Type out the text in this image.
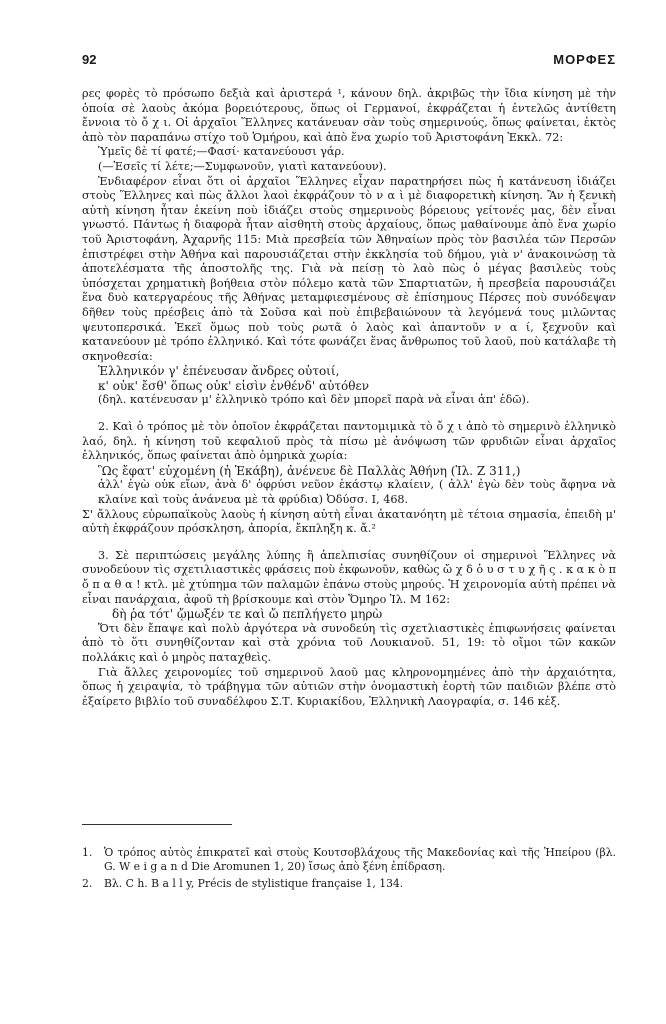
92	ΜΟΡΦΕΣ

ρες φορὲς τὸ πρόσωπο δεξιὰ καὶ ἀριστερά ¹, κάνουν δηλ. ἀκριβῶς τὴν ἴδια κίνηση μὲ τὴν ὁποία σὲ λαοὺς ἀκόμα βορειότερους, ὅπως οἱ Γερμανοί, ἐκφράζεται ἡ ἐντελῶς ἀντίθετη ἔννοια τὸ ὄ χ ι. Οἱ ἀρχαῖοι Ἕλληνες κατάνευαν σὰν τοὺς σημερινούς, ὅπως φαίνεται, ἐκτὸς ἀπὸ τὸν παραπάνω στίχο τοῦ Ὁμήρου, καὶ ἀπὸ ἕνα χωρίο τοῦ Ἀριστοφάνη Ἐκκλ. 72:

Ὑμεῖς δὲ τί φατέ;—Φασί· κατανεύουσι γάρ.

(—Ἐσεῖς τί λέτε;—Συμφωνοῦν, γιατὶ κατανεύουν).

Ἐνδιαφέρον εἶναι ὅτι οἱ ἀρχαῖοι Ἕλληνες εἶχαν παρατηρήσει πὼς ἡ κατάνευση ἰδιάζει στοὺς Ἕλληνες καὶ πὼς ἄλλοι λαοὶ ἐκφράζουν τὸ ν α ὶ μὲ διαφορετικὴ κίνηση. Ἂν ἡ ξενικὴ αὐτὴ κίνηση ἦταν ἐκείνη ποὺ ἰδιάζει στοὺς σημερινοὺς βόρειους γείτονές μας, δὲν εἶναι γνωστό. Πάντως ἡ διαφορὰ ἦταν αἰσθητὴ στοὺς ἀρχαίους, ὅπως μαθαίνουμε ἀπὸ ἕνα χωρίο τοῦ Ἀριστοφάνη, Ἀχαρνῆς 115: Μιὰ πρεσβεία τῶν Ἀθηναίων πρὸς τὸν βασιλέα τῶν Περσῶν ἐπιστρέφει στὴν Ἀθήνα καὶ παρουσιάζεται στὴν ἐκκλησία τοῦ δήμου, γιὰ ν' ἀνακοινώσῃ τὰ ἀποτελέσματα τῆς ἀποστολῆς της. Γιὰ νὰ πείσῃ τὸ λαὸ πὼς ὁ μέγας βασιλεὺς τοὺς ὑπόσχεται χρηματικὴ βοήθεια στὸν πόλεμο κατὰ τῶν Σπαρτιατῶν, ἡ πρεσβεία παρουσιάζει ἕνα δυὸ κατεργαρέους τῆς Ἀθήνας μεταμφιεσμένους σὲ ἐπίσημους Πέρσες ποὺ συνόδεψαν δῆθεν τοὺς πρέσβεις ἀπὸ τὰ Σοῦσα καὶ ποὺ ἐπιβεβαιώνουν τὰ λεγόμενά τους μιλῶντας ψευτοπερσικά. Ἐκεῖ ὅμως ποὺ τοὺς ρωτᾶ ὁ λαὸς καὶ ἀπαντοῦν ν α ί, ξεχνοῦν καὶ κατανεύουν μὲ τρόπο ἑλληνικό. Καὶ τότε φωνάζει ἕνας ἄνθρωπος τοῦ λαοῦ, ποὺ κατάλαβε τὴ σκηνοθεσία:

Ἑλληνικόν γ' ἐπένευσαν ἄνδρες οὑτοιί,

κ' οὐκ' ἔσθ' ὅπως οὐκ' εἰσὶν ἐνθένδ' αὐτόθεν

(δηλ. κατένευσαν μ' ἑλληνικὸ τρόπο καὶ δὲν μπορεῖ παρὰ νὰ εἶναι ἀπ' ἐδῶ).

2. Καὶ ὁ τρόπος μὲ τὸν ὁποῖον ἐκφράζεται παντομιμικὰ τὸ ὄ χ ι ἀπὸ τὸ σημερινὸ ἑλληνικὸ λαό, δηλ. ἡ κίνηση τοῦ κεφαλιοῦ πρὸς τὰ πίσω μὲ ἀνόψωση τῶν φρυδιῶν εἶναι ἀρχαῖος ἑλληνικός, ὅπως φαίνεται ἀπὸ ὁμηρικὰ χωρία:

Ὣς ἔφατ' εὐχομένη (ἡ Ἑκάβη), ἀνένευε δὲ Παλλὰς Ἀθήνη (Ἰλ. Ζ 311,)

ἀλλ' ἐγὼ οὐκ εἴων, ἀνὰ δ' ὀφρύσι νεῦον ἑκάστῳ κλαίειν, ( ἀλλ' ἐγὼ δὲν τοὺς ἄφηνα νὰ κλαίνε καὶ τοὺς ἀνάνευα μὲ τὰ φρύδια) Ὀδύσσ. Ι, 468.

Σ' ἄλλους εὐρωπαϊκοὺς λαοὺς ἡ κίνηση αὐτὴ εἶναι ἀκατανόητη μὲ τέτοια σημασία, ἐπειδὴ μ' αὐτὴ ἐκφράζουν πρόσκληση, ἀπορία, ἔκπληξη κ. ἄ.²

3. Σὲ περιπτώσεις μεγάλης λύπης ἢ ἀπελπισίας συνηθίζουν οἱ σημερινοὶ Ἕλληνες νὰ συνοδεύουν τὶς σχετιλιαστικὲς φράσεις ποὺ ἐκφωνοῦν, καθὼς ὤ χ δ ὁ υ σ τ υ χ ῆ ς . κ α κ ὸ π ὄ π α θ α ! κτλ. μὲ χτύπημα τῶν παλαμῶν ἐπάνω στοὺς μηρούς. Ἡ χειρονομία αὐτὴ πρέπει νὰ εἶναι πανάρχαια, ἀφοῦ τὴ βρίσκουμε καὶ στὸν Ὅμηρο Ἰλ. Μ 162:

δὴ ῥα τότ' ᾤμωξέν τε καὶ ὤ πεπλήγετο μηρὼ

Ὅτι δὲν ἔπαψε καὶ πολὺ ἀργότερα νὰ συνοδεύη τὶς σχετλιαστικὲς ἐπιφωνήσεις φαίνεται ἀπὸ τὸ ὅτι συνηθίζονταν καὶ στὰ χρόνια τοῦ Λουκιανοῦ. 51, 19: τὸ οἴμοι τῶν κακῶν πολλάκις καὶ ὁ μηρὸς παταχθεὶς.

Γιὰ ἄλλες χειρονομίες τοῦ σημερινοῦ λαοῦ μας κληρονομημένες ἀπὸ τὴν ἀρχαιότητα, ὅπως ἡ χειραψία, τὸ τράβηγμα τῶν αὐτιῶν στὴν ὀνομαστικὴ ἑορτὴ τῶν παιδιῶν βλέπε στὸ ἐξαίρετο βιβλίο τοῦ συναδέλφου Σ.Τ. Κυριακίδου, Ἑλληνικὴ Λαογραφία, σ. 146 κἑξ.

1.	Ὁ τρόπος αὐτὸς ἐπικρατεῖ καὶ στοὺς Κουτσοβλάχους τῆς Μακεδονίας καὶ τῆς Ἠπείρου (βλ. G. W e i g a n d Die Aromunen 1, 20) ἴσως ἀπὸ ξένη ἐπίδραση.
2.	Βλ. C h. B a l l y, Précis de stylistique française 1, 134.
